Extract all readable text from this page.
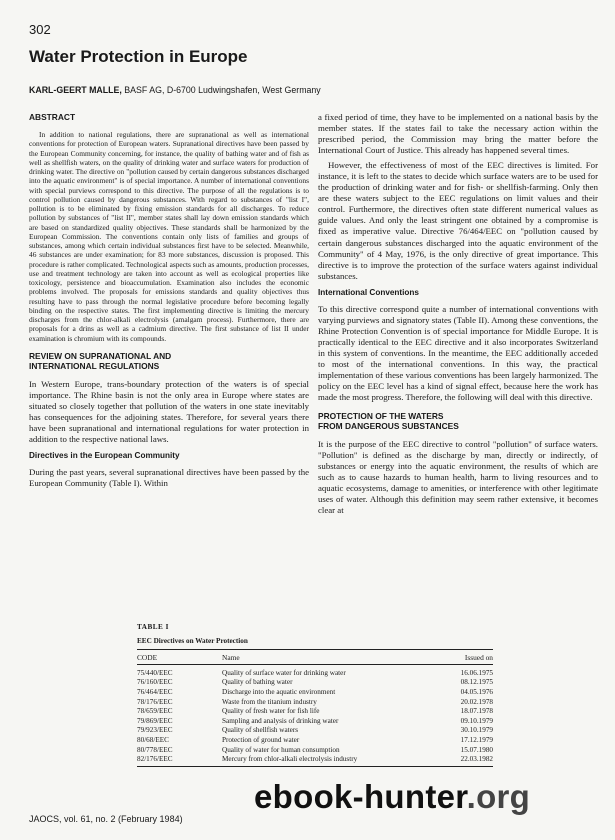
302
Water Protection in Europe
KARL-GEERT MALLE, BASF AG, D-6700 Ludwingshafen, West Germany
ABSTRACT

In addition to national regulations, there are supranational as well as international conventions for protection of European waters. Supranational directives have been passed by the European Community concerning, for instance, the quality of bathing water and of fish as well as shellfish waters, on the quality of drinking water and surface waters for production of drinking water. The directive on "pollution caused by certain dangerous substances discharged into the aquatic environment" is of special importance. A number of international conventions with special purviews correspond to this directive. The purpose of all the regulations is to control pollution caused by dangerous substances. With regard to substances of "list I", pollution is to be eliminated by fixing emission standards for all discharges. To reduce pollution by substances of "list II", member states shall lay down emission standards which are based on standardized quality objectives. These standards shall be harmonized by the European Commission. The conventions contain only lists of families and groups of substances, among which certain individual substances first have to be selected. Meanwhile, 46 substances are under examination; for 83 more substances, discussion is proposed. This procedure is rather complicated. Technological aspects such as amounts, production processes, use and treatment technology are taken into account as well as ecological properties like toxicology, persistence and bioaccumulation. Examination also includes the economic problems involved. The proposals for emissions standards and quality objectives thus resulting have to pass through the normal legislative procedure before becoming legally binding on the respective states. The first implementing directive is limiting the mercury discharges from the chlor-alkali electrolysis (amalgam process). Furthermore, there are proposals for a drins as well as a cadmium directive. The first substance of list II under examination is chromium with its compounds.

REVIEW ON SUPRANATIONAL AND
INTERNATIONAL REGULATIONS

In Western Europe, trans-boundary protection of the waters is of special importance. The Rhine basin is not the only area in Europe where states are situated so closely together that pollution of the waters in one state inevitably has consequences for the adjoining states. Therefore, for several years there have been supranational and international regulations for water protection in addition to the respective national laws.

Directives in the European Community

During the past years, several supranational directives have been passed by the European Community (Table I). Within

a fixed period of time, they have to be implemented on a national basis by the member states. If the states fail to take the necessary action within the prescribed period, the Commission may bring the matter before the International Court of Justice. This already has happened several times.

However, the effectiveness of most of the EEC directives is limited. For instance, it is left to the states to decide which surface waters are to be used for the production of drinking water and for fish- or shellfish-farming. Only then are these waters subject to the EEC regulations on limit values and their control. Furthermore, the directives often state different numerical values as guide values. And only the least stringent one obtained by a compromise is fixed as imperative value. Directive 76/464/EEC on "pollution caused by certain dangerous substances discharged into the aquatic environment of the Community" of 4 May, 1976, is the only directive of great importance. This directive is to improve the protection of the surface waters against individual substances.

International Conventions

To this directive correspond quite a number of international conventions with varying purviews and signatory states (Table II). Among these conventions, the Rhine Protection Convention is of special importance for Middle Europe. It is practically identical to the EEC directive and it also incorporates Switzerland in this system of conventions. In the meantime, the EEC additionally acceded to most of the international conventions. In this way, the practical implementation of these various conventions has been largely harmonized. The policy on the EEC level has a kind of signal effect, because here the work has made the most progress. Therefore, the following will deal with this directive.

PROTECTION OF THE WATERS
FROM DANGEROUS SUBSTANCES

It is the purpose of the EEC directive to control "pollution" of surface waters. "Pollution" is defined as the discharge by man, directly or indirectly, of substances or energy into the aquatic environment, the results of which are such as to cause hazards to human health, harm to living resources and to aquatic ecosystems, damage to amenities, or interference with other legitimate uses of water. Although this definition may seem rather extensive, it becomes clear at

TABLE I
EEC Directives on Water Protection
CODE	Name	Issued on
75/440/EEC	Quality of surface water for drinking water	16.06.1975
76/160/EEC	Quality of bathing water	08.12.1975
76/464/EEC	Discharge into the aquatic environment	04.05.1976
78/176/EEC	Waste from the titanium industry	20.02.1978
78/659/EEC	Quality of fresh water for fish life	18.07.1978
79/869/EEC	Sampling and analysis of drinking water	09.10.1979
79/923/EEC	Quality of shellfish waters	30.10.1979
80/68/EEC	Protection of ground water	17.12.1979
80/778/EEC	Quality of water for human consumption	15.07.1980
82/176/EEC	Mercury from chlor-alkali electrolysis industry	22.03.1982
JAOCS, vol. 61, no. 2 (February 1984)
ebook-hunter.org
